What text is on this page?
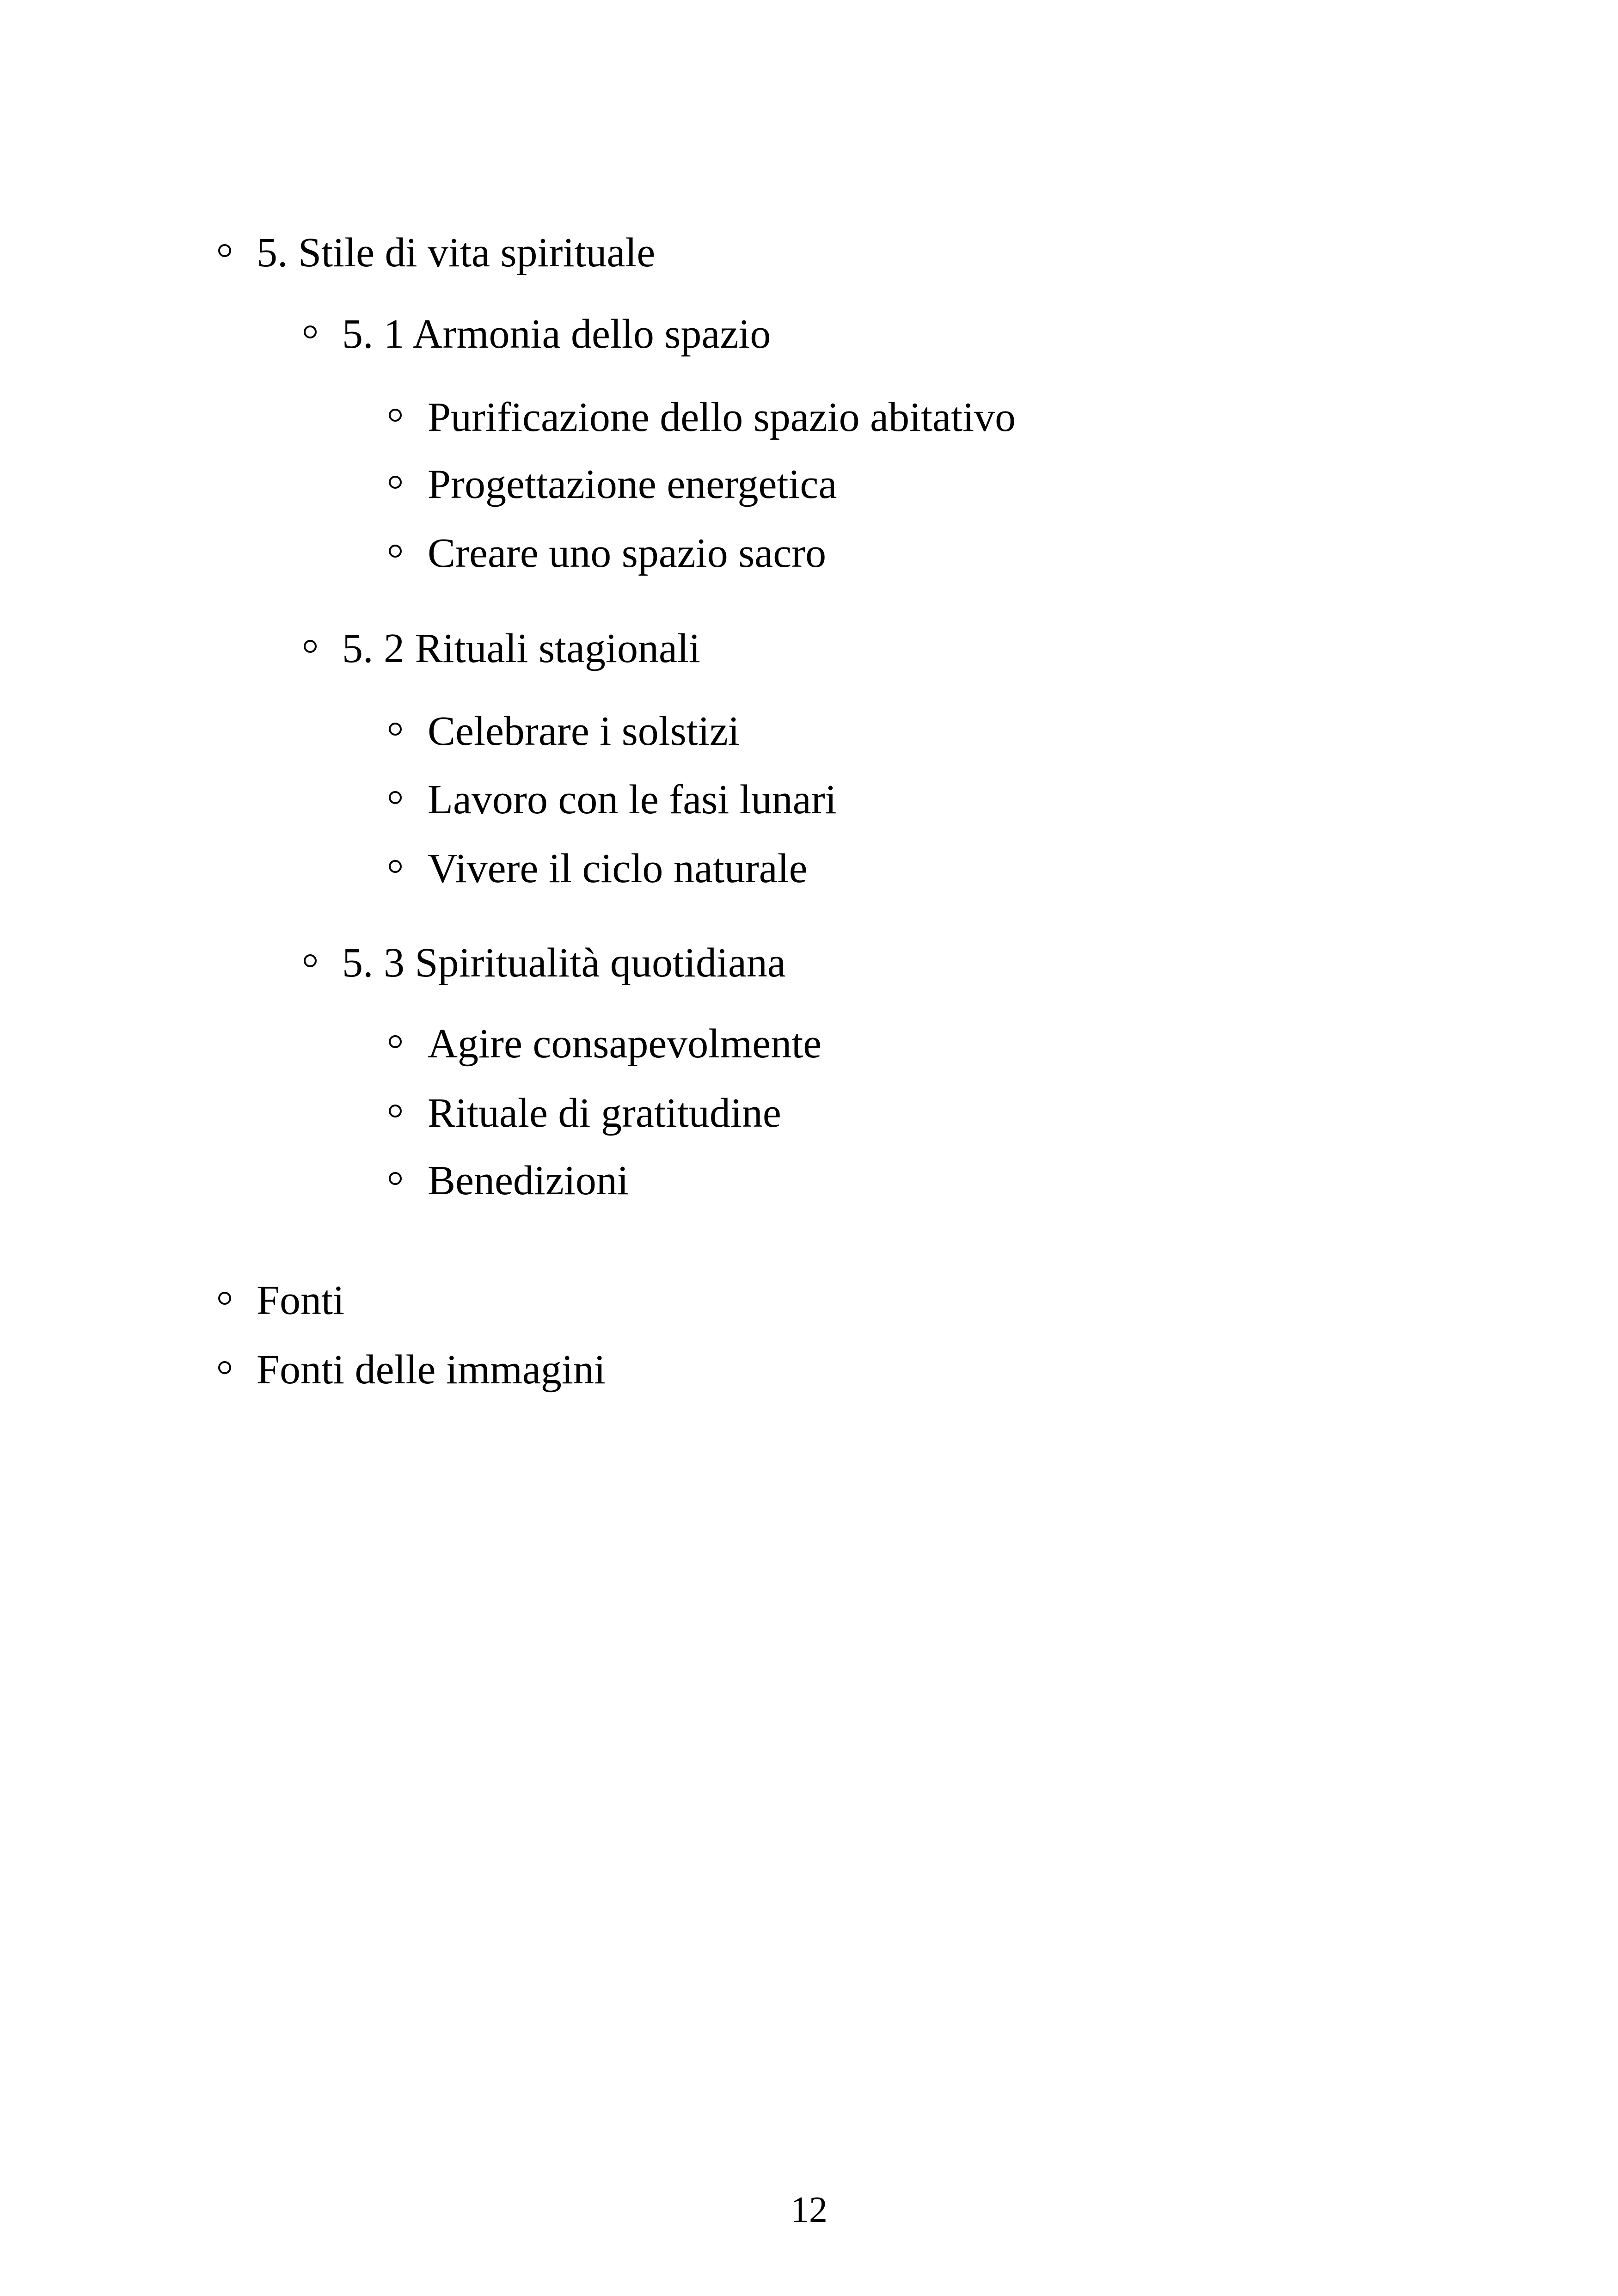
5. Stile di vita spirituale
5. 1 Armonia dello spazio
Purificazione dello spazio abitativo
Progettazione energetica
Creare uno spazio sacro
5. 2 Rituali stagionali
Celebrare i solstizi
Lavoro con le fasi lunari
Vivere il ciclo naturale
5. 3 Spiritualità quotidiana
Agire consapevolmente
Rituale di gratitudine
Benedizioni
Fonti
Fonti delle immagini
12
